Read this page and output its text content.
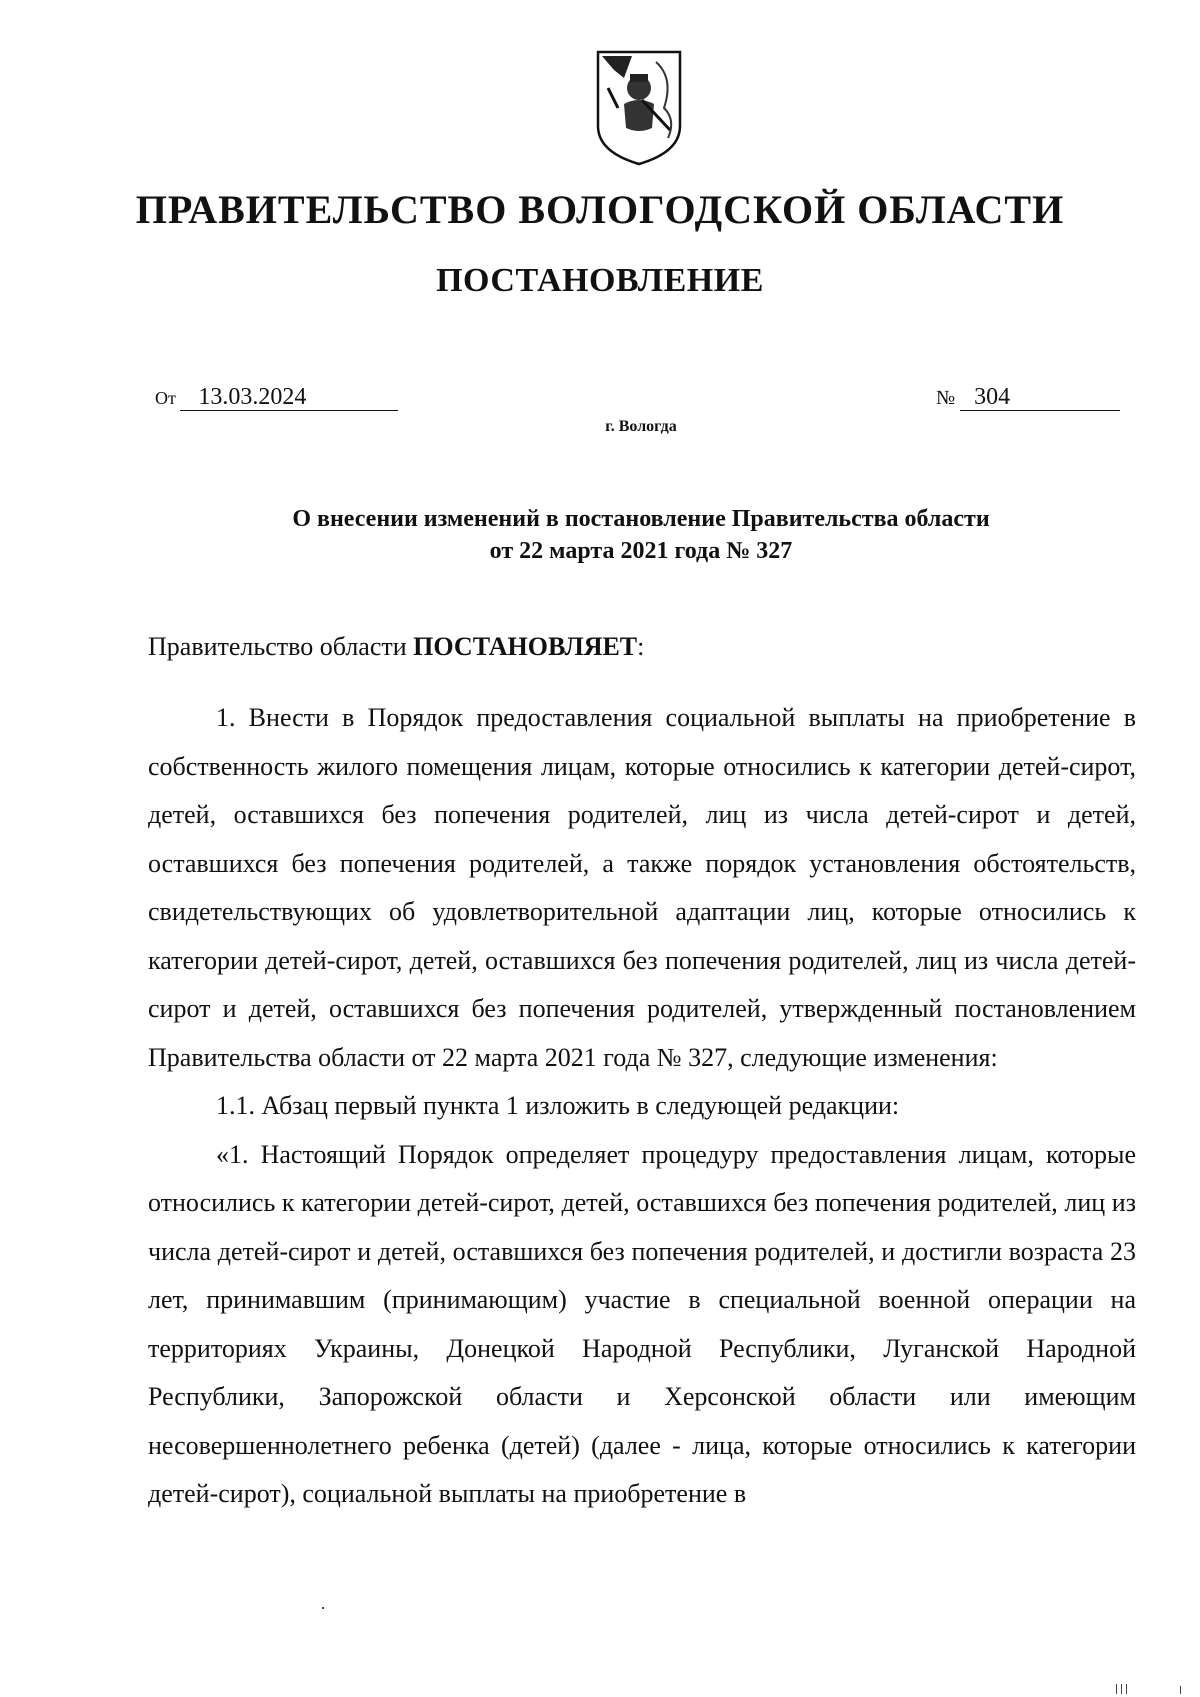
ПРАВИТЕЛЬСТВО ВОЛОГОДСКОЙ ОБЛАСТИ
ПОСТАНОВЛЕНИЕ
От 13.03.2024	№ 304
г. Вологда
О внесении изменений в постановление Правительства области
от 22 марта 2021 года № 327
Правительство области ПОСТАНОВЛЯЕТ:

1. Внести в Порядок предоставления социальной выплаты на приобретение в собственность жилого помещения лицам, которые относились к категории детей-сирот, детей, оставшихся без попечения родителей, лиц из числа детей-сирот и детей, оставшихся без попечения родителей, а также порядок установления обстоятельств, свидетельствующих об удовлетворительной адаптации лиц, которые относились к категории детей-сирот, детей, оставшихся без попечения родителей, лиц из числа детей-сирот и детей, оставшихся без попечения родителей, утвержденный постановлением Правительства области от 22 марта 2021 года № 327, следующие изменения:

1.1. Абзац первый пункта 1 изложить в следующей редакции:

«1. Настоящий Порядок определяет процедуру предоставления лицам, которые относились к категории детей-сирот, детей, оставшихся без попечения родителей, лиц из числа детей-сирот и детей, оставшихся без попечения родителей, и достигли возраста 23 лет, принимавшим (принимающим) участие в специальной военной операции на территориях Украины, Донецкой Народной Республики, Луганской Народной Республики, Запорожской области и Херсонской области или имеющим несовершеннолетнего ребенка (детей) (далее - лица, которые относились к категории детей-сирот), социальной выплаты на приобретение в
